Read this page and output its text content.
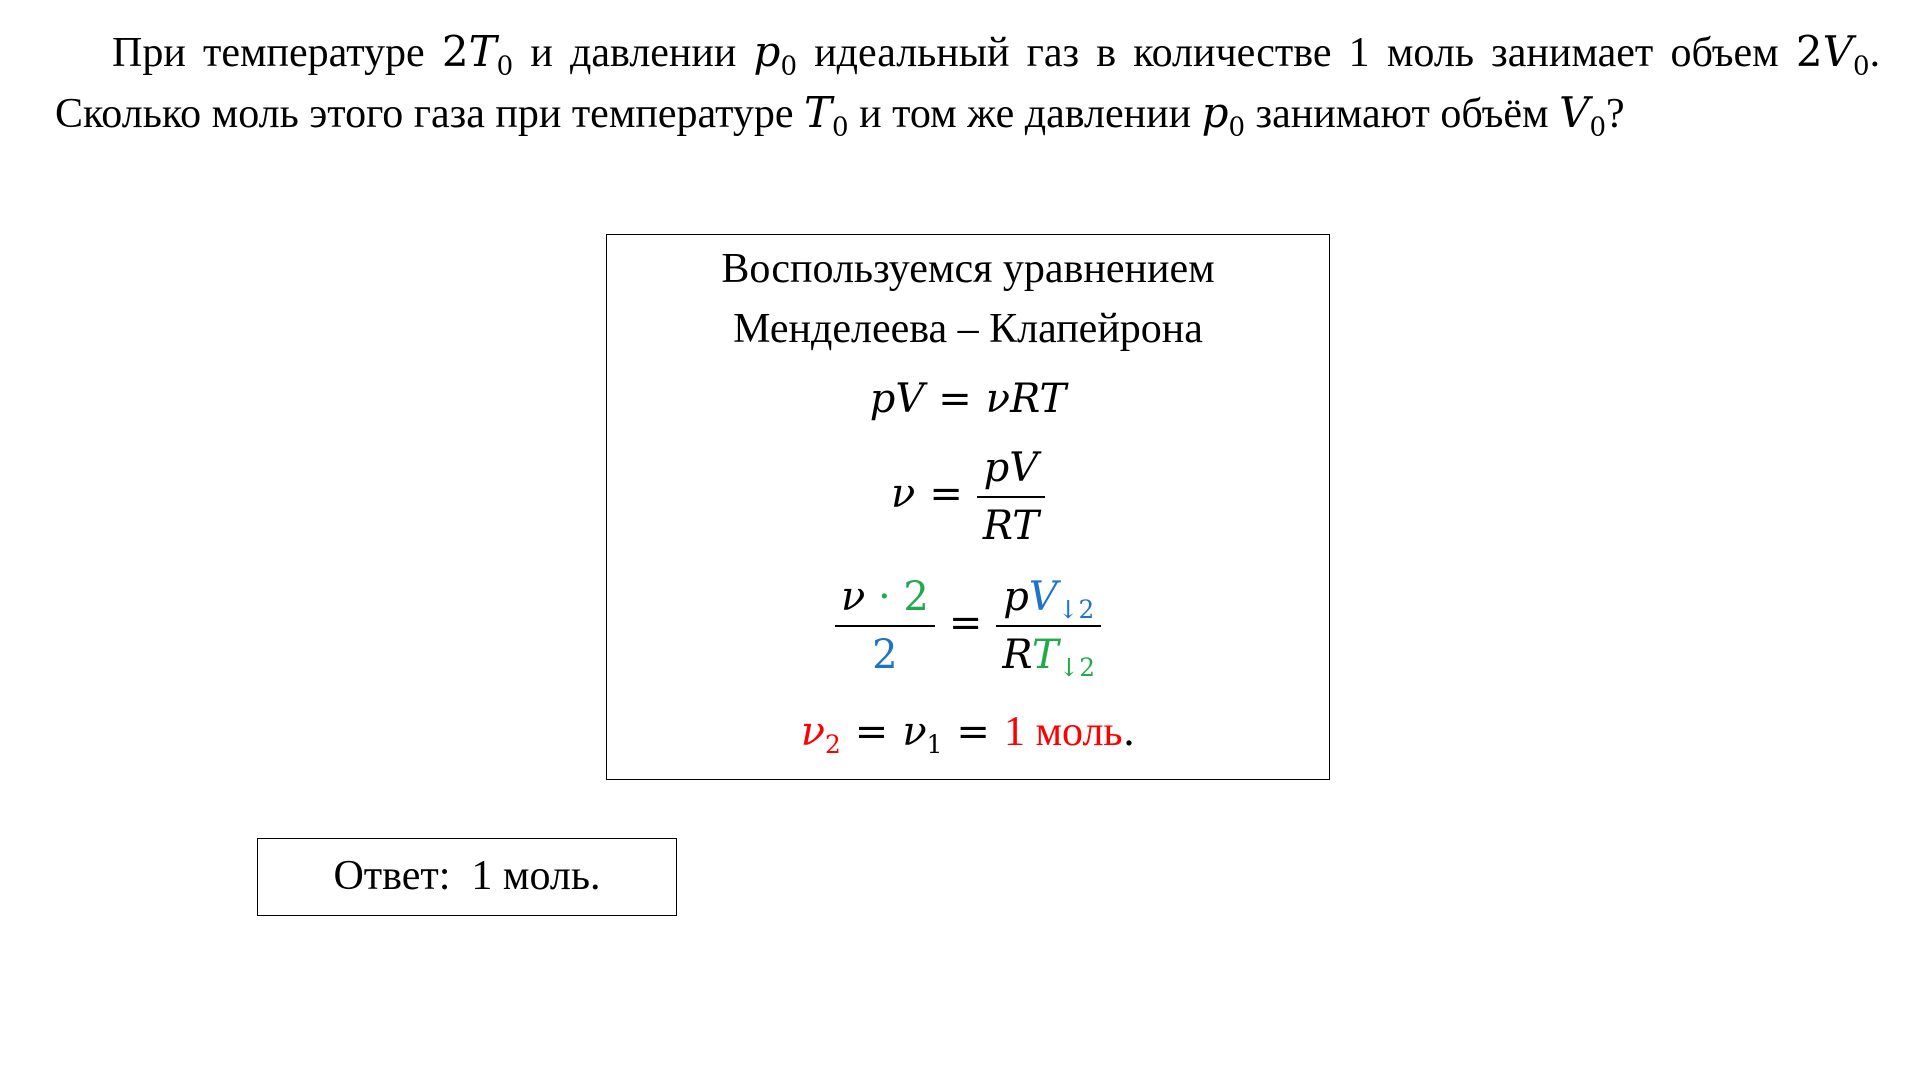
При температуре $2T_0$ и давлении $p_0$ идеальный газ в количестве 1 моль занимает объем $2V_0$. Сколько моль этого газа при температуре $T_0$ и том же давлении $p_0$ занимают объём $V_0$?
Воспользуемся уравнением
Менделеева – Клапейрона
pV = νRT
$\nu = \frac{pV}{RT}$
$\frac{\nu \cdot 2}{2} = \frac{pV_{↓2}}{RT_{↓2}}$
$\nu_2 = \nu_1 = 1$ моль.
Ответ:  1 моль.
